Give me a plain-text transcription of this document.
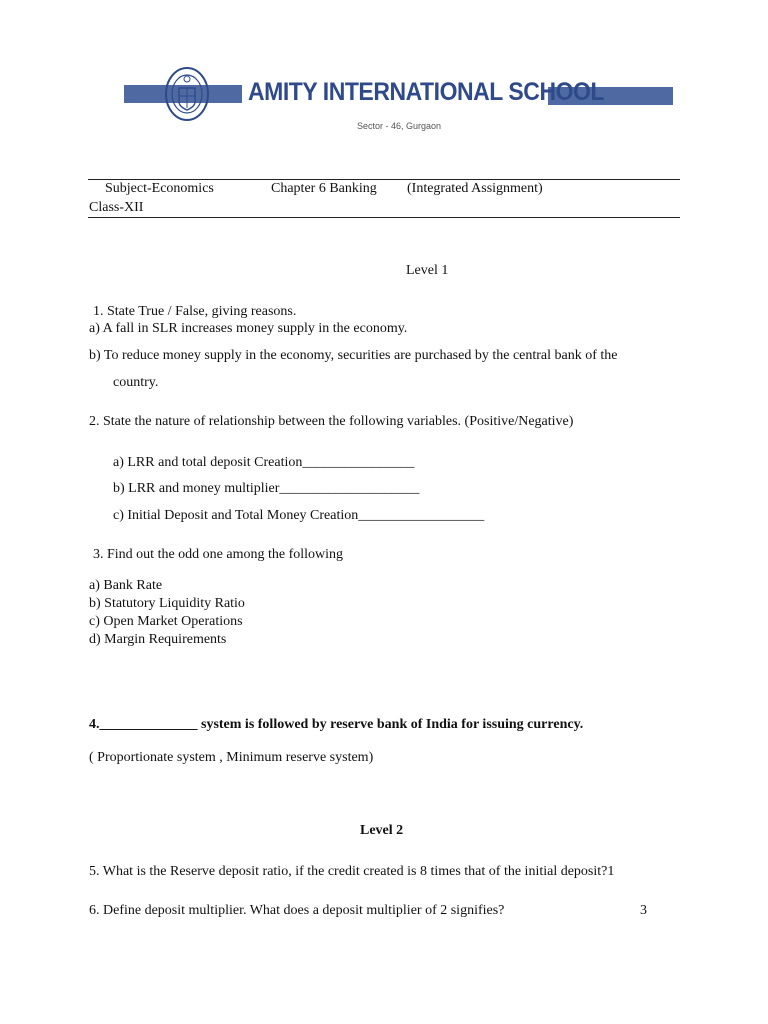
AMITY INTERNATIONAL SCHOOL
Sector - 46, Gurgaon
Subject-Economics	Chapter 6 Banking (Integrated Assignment)
Class-XII
Level 1
1. State True / False, giving reasons.
a) A fall in SLR increases money supply in the economy.
b) To reduce money supply in the economy, securities are purchased by the central bank of the
country.
2. State the nature of relationship between the following variables. (Positive/Negative)
a) LRR and total deposit Creation________________
b) LRR and money multiplier____________________
c) Initial Deposit and Total Money Creation__________________
3. Find out the odd one among the following
a) Bank Rate
b) Statutory Liquidity Ratio
c) Open Market Operations
d) Margin Requirements
4.______________ system is followed by reserve bank of India for issuing currency.
( Proportionate system , Minimum reserve system)
Level 2
5. What is the Reserve deposit ratio, if the credit created is 8 times that of the initial deposit?1
6. Define deposit multiplier. What does a deposit multiplier of 2 signifies?	3
